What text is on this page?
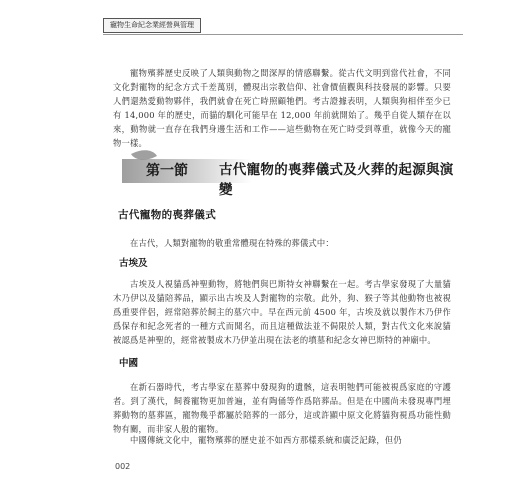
寵物生命紀念業經營與管理

寵物殯葬歷史反映了人類與動物之間深厚的情感聯繫。從古代文明到當代社會，不同文化對寵物的紀念方式千差萬別，體現出宗教信仰、社會價值觀與科技發展的影響。只要人們還熱愛動物夥伴，我們就會在死亡時照顧牠們。考古證據表明，人類與狗相伴至少已有 14,000 年的歷史，而貓的馴化可能早在 12,000 年前就開始了。幾乎自從人類存在以來，動物就一直存在我們身邊生活和工作——這些動物在死亡時受到尊重，就像今天的寵物一樣。

第一節 古代寵物的喪葬儀式及火葬的起源與演變
古代寵物的喪葬儀式

在古代，人類對寵物的敬重常體現在特殊的葬儀式中：

古埃及

古埃及人視貓爲神聖動物，將牠們與巴斯特女神聯繫在一起。考古學家發現了大量貓木乃伊以及貓陪葬品，顯示出古埃及人對寵物的宗敬。此外，狗、猴子等其他動物也被視爲重要伴侶，經常陪葬於飼主的墓穴中。早在西元前 4500 年，古埃及就以製作木乃伊作爲保存和紀念死者的一種方式而聞名，而且這種做法並不侷限於人類，對古代文化來說貓被認爲是神聖的，經常被製成木乃伊並出現在法老的墳墓和紀念女神巴斯特的神廟中。

中國

在新石器時代，考古學家在墓葬中發現狗的遺骸，這表明牠們可能被視爲家庭的守護者。到了漢代，飼養寵物更加普遍，並有陶俑等作爲陪葬品。但是在中國尚未發現專門埋葬動物的墓葬區，寵物幾乎都屬於陪葬的一部分，這或許顯中原文化將貓狗視爲功能性動物有關，而非家人般的寵物。

中國傳統文化中，寵物殯葬的歷史並不如西方那樣系統和廣泛記錄，但仍

002
